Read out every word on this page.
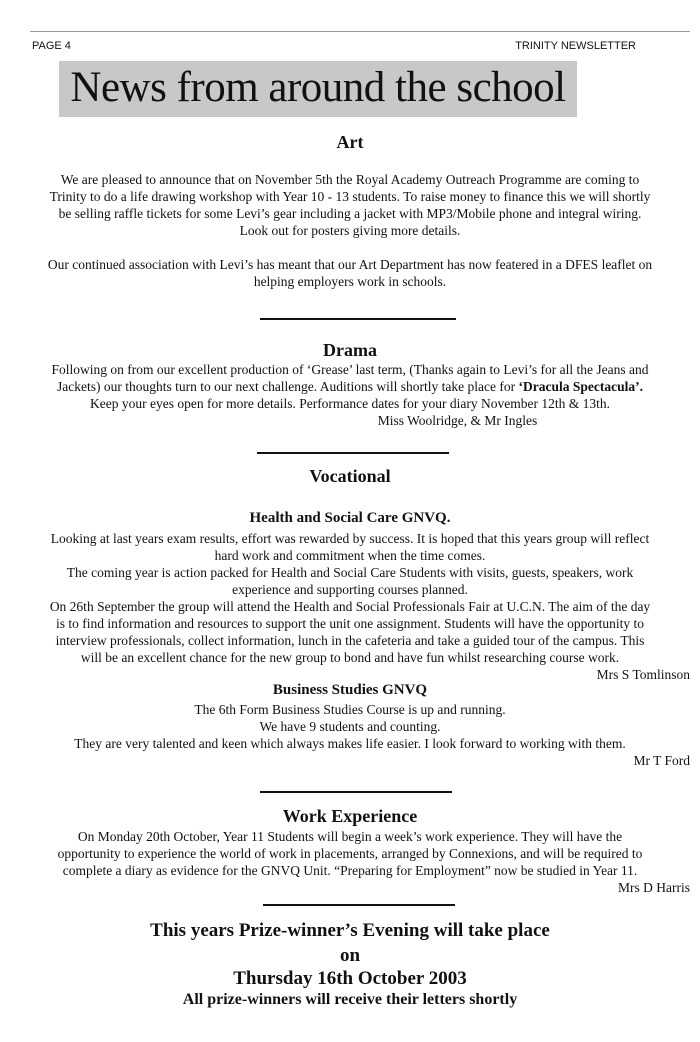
PAGE 4	TRINITY NEWSLETTER
News from around the school
Art
We are pleased to announce that on November 5th the Royal Academy Outreach Programme are coming to
Trinity to do a life drawing workshop with Year 10 - 13 students. To raise money to finance this we will shortly
be selling raffle tickets for some Levi’s gear including a jacket with MP3/Mobile phone and integral wiring.
Look out for posters giving more details.
Our continued association with Levi’s has meant that our Art Department has now featered in a DFES leaflet on
helping employers work in schools.
Drama
Following on from our excellent production of ‘Grease’ last term, (Thanks again to Levi’s for all the Jeans and
Jackets) our thoughts turn to our next challenge. Auditions will shortly take place for ‘Dracula Spectacula’.
Keep your eyes open for more details. Performance dates for your diary November 12th & 13th.
Miss Woolridge, & Mr Ingles
Vocational
Health and Social Care GNVQ.
Looking at last years exam results, effort was rewarded by success. It is hoped that this years group will reflect
hard work and commitment when the time comes.
The coming year is action packed for Health and Social Care Students with visits, guests, speakers, work
experience and supporting courses planned.
On 26th September the group will attend the Health and Social Professionals Fair at U.C.N. The aim of the day
is to find information and resources to support the unit one assignment. Students will have the opportunity to
interview professionals, collect information, lunch in the cafeteria and take a guided tour of the campus. This
will be an excellent chance for the new group to bond and have fun whilst researching course work.
Mrs S Tomlinson
Business Studies GNVQ
The 6th Form Business Studies Course is up and running.
We have 9 students and counting.
They are very talented and keen which always makes life easier. I look forward to working with them.
Mr T Ford
Work Experience
On Monday 20th October, Year 11 Students will begin a week’s work experience. They will have the
opportunity to experience the world of work in placements, arranged by Connexions, and will be required to
complete a diary as evidence for the GNVQ Unit. “Preparing for Employment” now be studied in Year 11.
Mrs D Harris
This years Prize-winner’s Evening will take place
on
Thursday 16th October 2003
All prize-winners will receive their letters shortly
